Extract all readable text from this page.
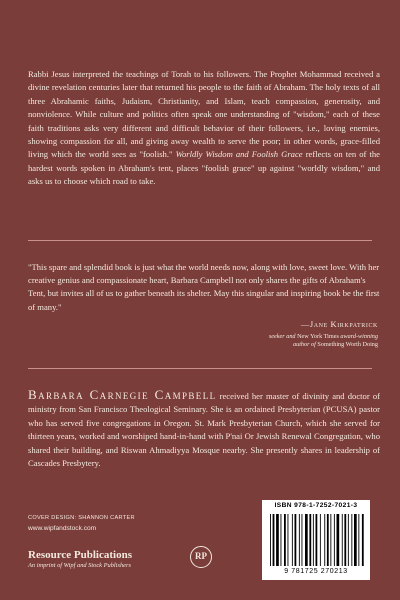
Rabbi Jesus interpreted the teachings of Torah to his followers. The Prophet Mohammad received a divine revelation centuries later that returned his people to the faith of Abraham. The holy texts of all three Abrahamic faiths, Judaism, Christianity, and Islam, teach compassion, generosity, and nonviolence. While culture and politics often speak one understanding of "wisdom," each of these faith traditions asks very different and difficult behavior of their followers, i.e., loving enemies, showing compassion for all, and giving away wealth to serve the poor; in other words, grace-filled living which the world sees as "foolish." Worldly Wisdom and Foolish Grace reflects on ten of the hardest words spoken in Abraham's tent, places "foolish grace" up against "worldly wisdom," and asks us to choose which road to take.

"This spare and splendid book is just what the world needs now, along with love, sweet love. With her creative genius and compassionate heart, Barbara Campbell not only shares the gifts of Abraham's Tent, but invites all of us to gather beneath its shelter. May this singular and inspiring book be the first of many."

—Jane Kirkpatrick
seeker and New York Times award-winning
author of Something Worth Doing

Barbara Carnegie Campbell received her master of divinity and doctor of ministry from San Francisco Theological Seminary. She is an ordained Presbyterian (PCUSA) pastor who has served five congregations in Oregon. St. Mark Presbyterian Church, which she served for thirteen years, worked and worshiped hand-in-hand with P'nai Or Jewish Renewal Congregation, who shared their building, and Riswan Ahmadiyya Mosque nearby. She presently shares in leadership of Cascades Presbytery.

COVER DESIGN: SHANNON CARTER
www.wipfandstock.com
Resource Publications
An imprint of Wipf and Stock Publishers
RP
ISBN 978-1-7252-7021-3
9 781725 270213
